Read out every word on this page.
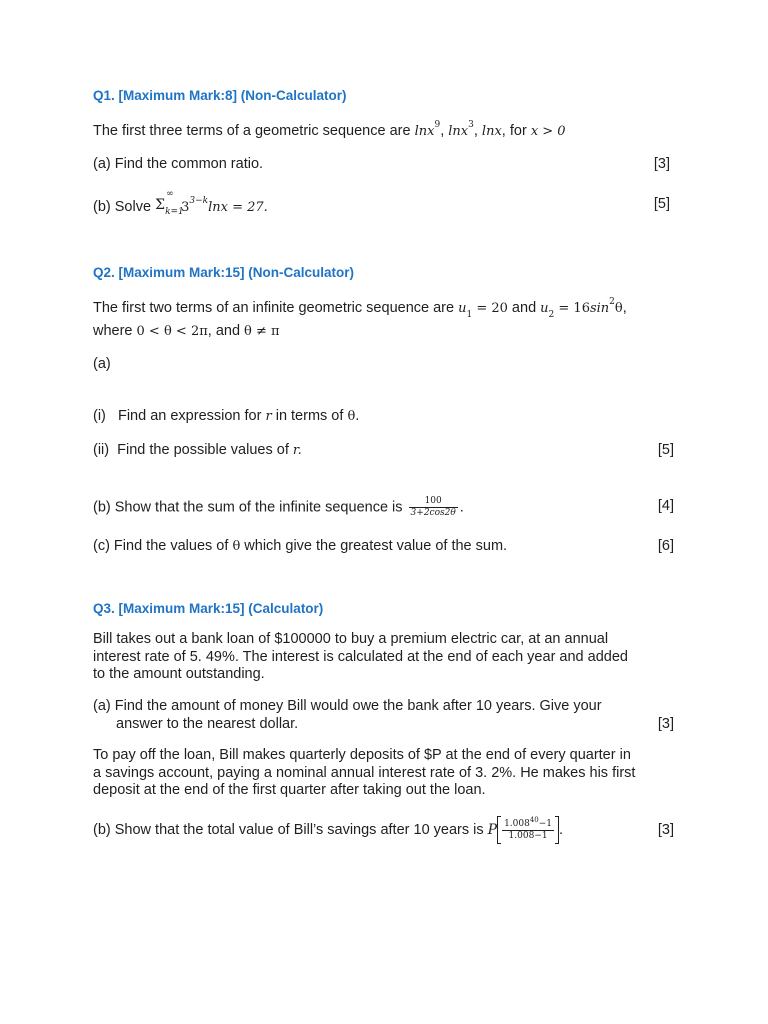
Q1. [Maximum Mark:8] (Non-Calculator)
The first three terms of a geometric sequence are lnx$^9$, lnx$^3$, lnx, for x > 0
(a) Find the common ratio.	[3]
(b) Solve Σ
∞
k=1
$3^{3-k}\ln x = 27$.	[5]
Q2. [Maximum Mark:15] (Non-Calculator)
The first two terms of an infinite geometric sequence are $u_1 = 20$ and $u_2 = 16\sin^2\theta$,
where 0 < θ < 2π, and θ ≠ π
(a)
(i)   Find an expression for r in terms of θ.
(ii)  Find the possible values of r.	[5]
(b) Show that the sum of the infinite sequence is $\frac{100}{3+2\cos 2\theta}$ .	[4]
(c) Find the values of θ which give the greatest value of the sum.	[6]
Q3. [Maximum Mark:15] (Calculator)
Bill takes out a bank loan of $100000 to buy a premium electric car, at an annual
interest rate of 5. 49%. The interest is calculated at the end of each year and added
to the amount outstanding.
(a) Find the amount of money Bill would owe the bank after 10 years. Give your
answer to the nearest dollar.	[3]
To pay off the loan, Bill makes quarterly deposits of $P at the end of every quarter in
a savings account, paying a nominal annual interest rate of 3. 2%. He makes his first
deposit at the end of the first quarter after taking out the loan.
(b) Show that the total value of Bill’s savings after 10 years is P $\frac{1.008^{40}-1}{1.008-1}$ .	[3]
